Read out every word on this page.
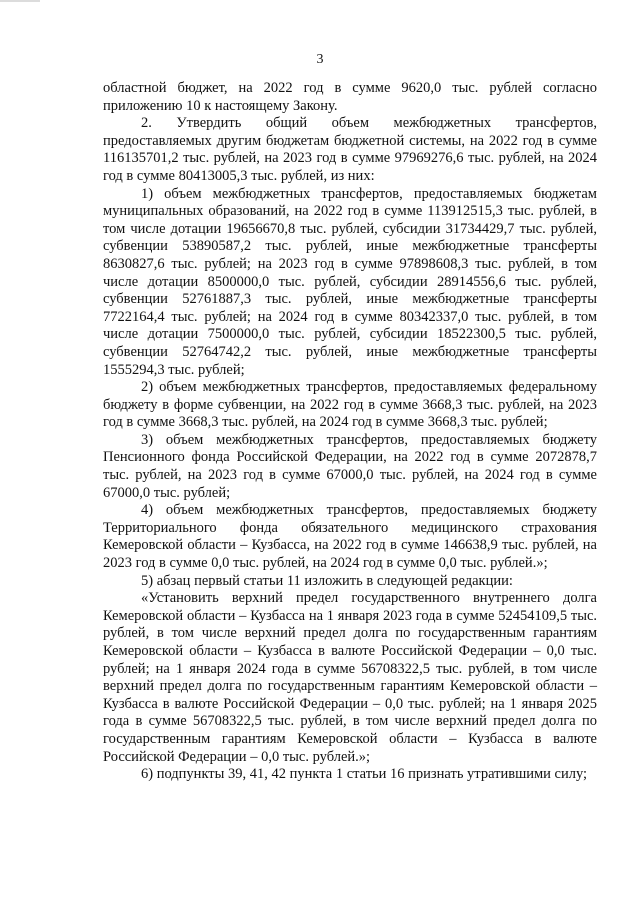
3

областной бюджет, на 2022 год в сумме 9620,0 тыс. рублей согласно приложению 10 к настоящему Закону.

2. Утвердить общий объем межбюджетных трансфертов, предоставляемых другим бюджетам бюджетной системы, на 2022 год в сумме 116135701,2 тыс. рублей, на 2023 год в сумме 97969276,6 тыс. рублей, на 2024 год в сумме 80413005,3 тыс. рублей, из них:

1) объем межбюджетных трансфертов, предоставляемых бюджетам муниципальных образований, на 2022 год в сумме 113912515,3 тыс. рублей, в том числе дотации 19656670,8 тыс. рублей, субсидии 31734429,7 тыс. рублей, субвенции 53890587,2 тыс. рублей, иные межбюджетные трансферты 8630827,6 тыс. рублей; на 2023 год в сумме 97898608,3 тыс. рублей, в том числе дотации 8500000,0 тыс. рублей, субсидии 28914556,6 тыс. рублей, субвенции 52761887,3 тыс. рублей, иные межбюджетные трансферты 7722164,4 тыс. рублей; на 2024 год в сумме 80342337,0 тыс. рублей, в том числе дотации 7500000,0 тыс. рублей, субсидии 18522300,5 тыс. рублей, субвенции 52764742,2 тыс. рублей, иные межбюджетные трансферты 1555294,3 тыс. рублей;

2) объем межбюджетных трансфертов, предоставляемых федеральному бюджету в форме субвенции, на 2022 год в сумме 3668,3 тыс. рублей, на 2023 год в сумме 3668,3 тыс. рублей, на 2024 год в сумме 3668,3 тыс. рублей;

3) объем межбюджетных трансфертов, предоставляемых бюджету Пенсионного фонда Российской Федерации, на 2022 год в сумме 2072878,7 тыс. рублей, на 2023 год в сумме 67000,0 тыс. рублей, на 2024 год в сумме 67000,0 тыс. рублей;

4) объем межбюджетных трансфертов, предоставляемых бюджету Территориального фонда обязательного медицинского страхования Кемеровской области – Кузбасса, на 2022 год в сумме 146638,9 тыс. рублей, на 2023 год в сумме 0,0 тыс. рублей, на 2024 год в сумме 0,0 тыс. рублей.»;

5) абзац первый статьи 11 изложить в следующей редакции:

«Установить верхний предел государственного внутреннего долга Кемеровской области – Кузбасса на 1 января 2023 года в сумме 52454109,5 тыс. рублей, в том числе верхний предел долга по государственным гарантиям Кемеровской области – Кузбасса в валюте Российской Федерации – 0,0 тыс. рублей; на 1 января 2024 года в сумме 56708322,5 тыс. рублей, в том числе верхний предел долга по государственным гарантиям Кемеровской области – Кузбасса в валюте Российской Федерации – 0,0 тыс. рублей; на 1 января 2025 года в сумме 56708322,5 тыс. рублей, в том числе верхний предел долга по государственным гарантиям Кемеровской области – Кузбасса в валюте Российской Федерации – 0,0 тыс. рублей.»;

6) подпункты 39, 41, 42 пункта 1 статьи 16 признать утратившими силу;
